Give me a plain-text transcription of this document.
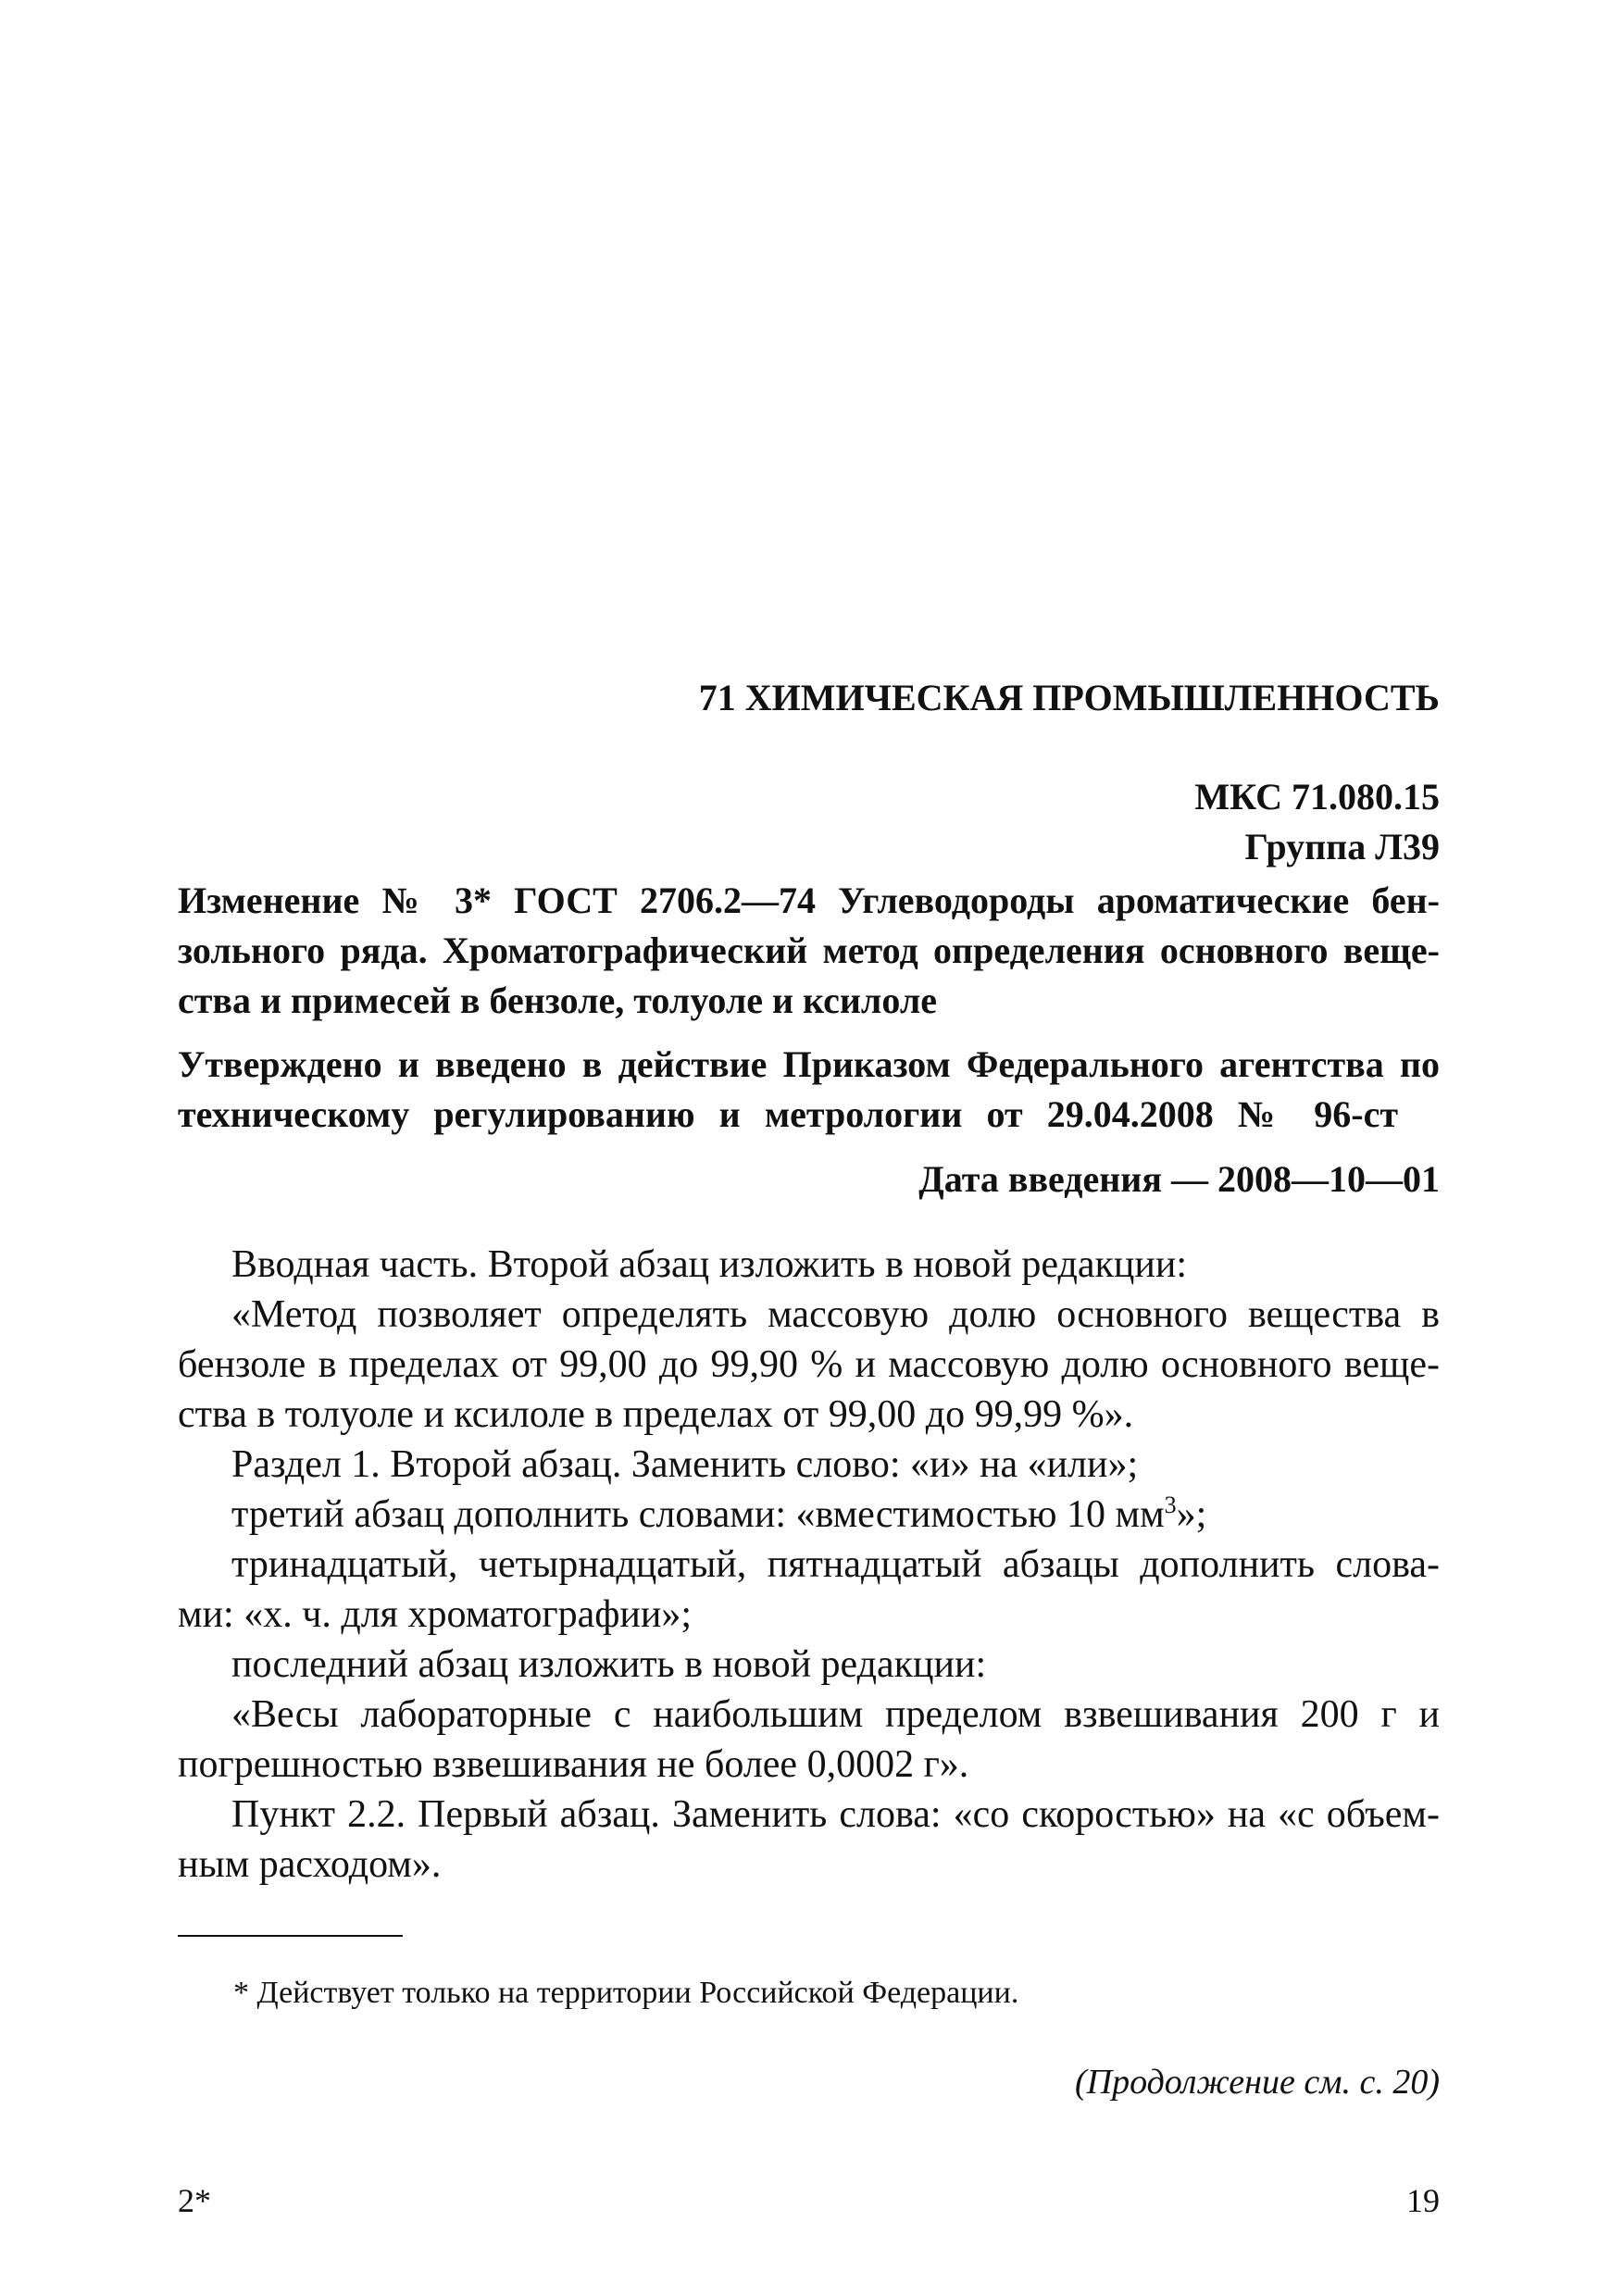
71 ХИМИЧЕСКАЯ ПРОМЫШЛЕННОСТЬ
МКС 71.080.15
Группа Л39
Изменение № 3* ГОСТ 2706.2—74 Углеводороды ароматические бен-
зольного ряда. Хроматографический метод определения основного веще-
ства и примесей в бензоле, толуоле и ксилоле
Утверждено и введено в действие Приказом Федерального агентства по
техническому регулированию и метрологии от 29.04.2008 № 96-ст
Дата введения — 2008—10—01

Вводная часть. Второй абзац изложить в новой редакции:

«Метод позволяет определять массовую долю основного вещества в
бензоле в пределах от 99,00 до 99,90 % и массовую долю основного веще-
ства в толуоле и ксилоле в пределах от 99,00 до 99,99 %».

Раздел 1. Второй абзац. Заменить слово: «и» на «или»;

третий абзац дополнить словами: «вместимостью 10 $мм^3$»;

тринадцатый, четырнадцатый, пятнадцатый абзацы дополнить слова-
ми: «х. ч. для хроматографии»;

последний абзац изложить в новой редакции:

«Весы лабораторные с наибольшим пределом взвешивания 200 г и
погрешностью взвешивания не более 0,0002 г».
Пункт 2.2. Первый абзац. Заменить слова: «со скоростью» на «с объем-
ным расходом».
* Действует только на территории Российской Федерации.
(Продолжение см. с. 20)
2*	19
